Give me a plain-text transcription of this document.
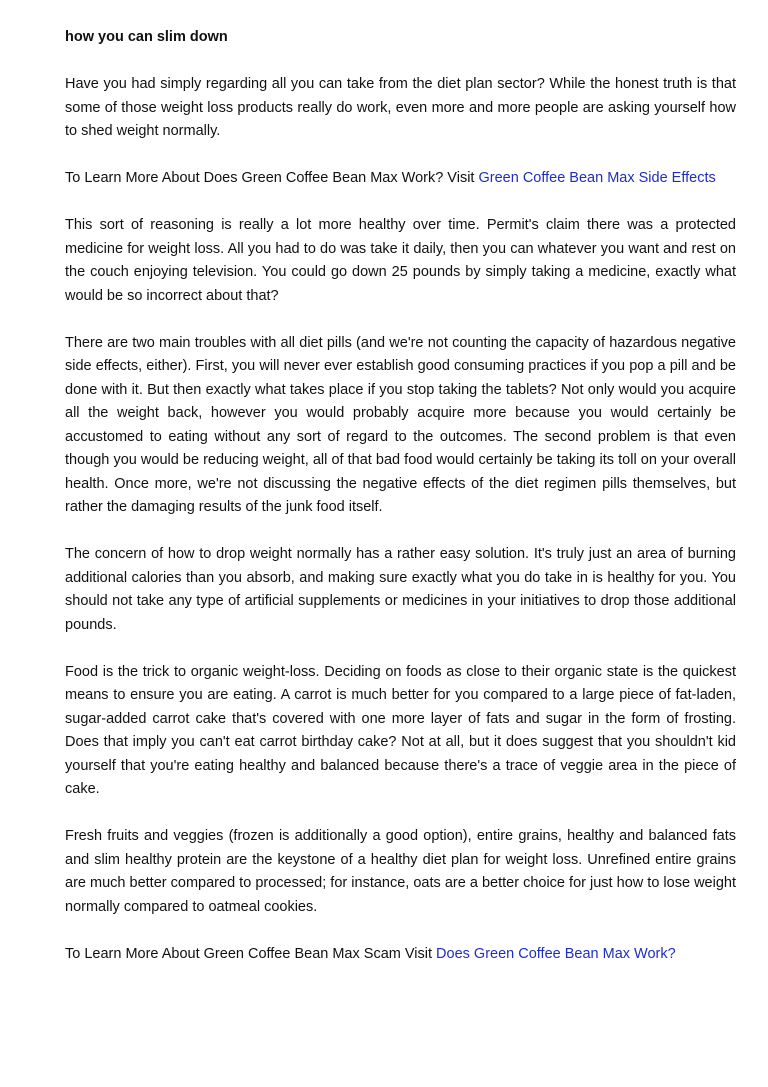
how you can slim down

Have you had simply regarding all you can take from the diet plan sector? While the honest truth is that some of those weight loss products really do work, even more and more people are asking yourself how to shed weight normally.

To Learn More About Does Green Coffee Bean Max Work? Visit Green Coffee Bean Max Side Effects

This sort of reasoning is really a lot more healthy over time. Permit's claim there was a protected medicine for weight loss. All you had to do was take it daily, then you can whatever you want and rest on the couch enjoying television. You could go down 25 pounds by simply taking a medicine, exactly what would be so incorrect about that?

There are two main troubles with all diet pills (and we're not counting the capacity of hazardous negative side effects, either). First, you will never ever establish good consuming practices if you pop a pill and be done with it. But then exactly what takes place if you stop taking the tablets? Not only would you acquire all the weight back, however you would probably acquire more because you would certainly be accustomed to eating without any sort of regard to the outcomes. The second problem is that even though you would be reducing weight, all of that bad food would certainly be taking its toll on your overall health. Once more, we're not discussing the negative effects of the diet regimen pills themselves, but rather the damaging results of the junk food itself.

The concern of how to drop weight normally has a rather easy solution. It's truly just an area of burning additional calories than you absorb, and making sure exactly what you do take in is healthy for you. You should not take any type of artificial supplements or medicines in your initiatives to drop those additional pounds.

Food is the trick to organic weight-loss. Deciding on foods as close to their organic state is the quickest means to ensure you are eating. A carrot is much better for you compared to a large piece of fat-laden, sugar-added carrot cake that's covered with one more layer of fats and sugar in the form of frosting. Does that imply you can't eat carrot birthday cake? Not at all, but it does suggest that you shouldn't kid yourself that you're eating healthy and balanced because there's a trace of veggie area in the piece of cake.

Fresh fruits and veggies (frozen is additionally a good option), entire grains, healthy and balanced fats and slim healthy protein are the keystone of a healthy diet plan for weight loss. Unrefined entire grains are much better compared to processed; for instance, oats are a better choice for just how to lose weight normally compared to oatmeal cookies.

To Learn More About Green Coffee Bean Max Scam Visit Does Green Coffee Bean Max Work?
